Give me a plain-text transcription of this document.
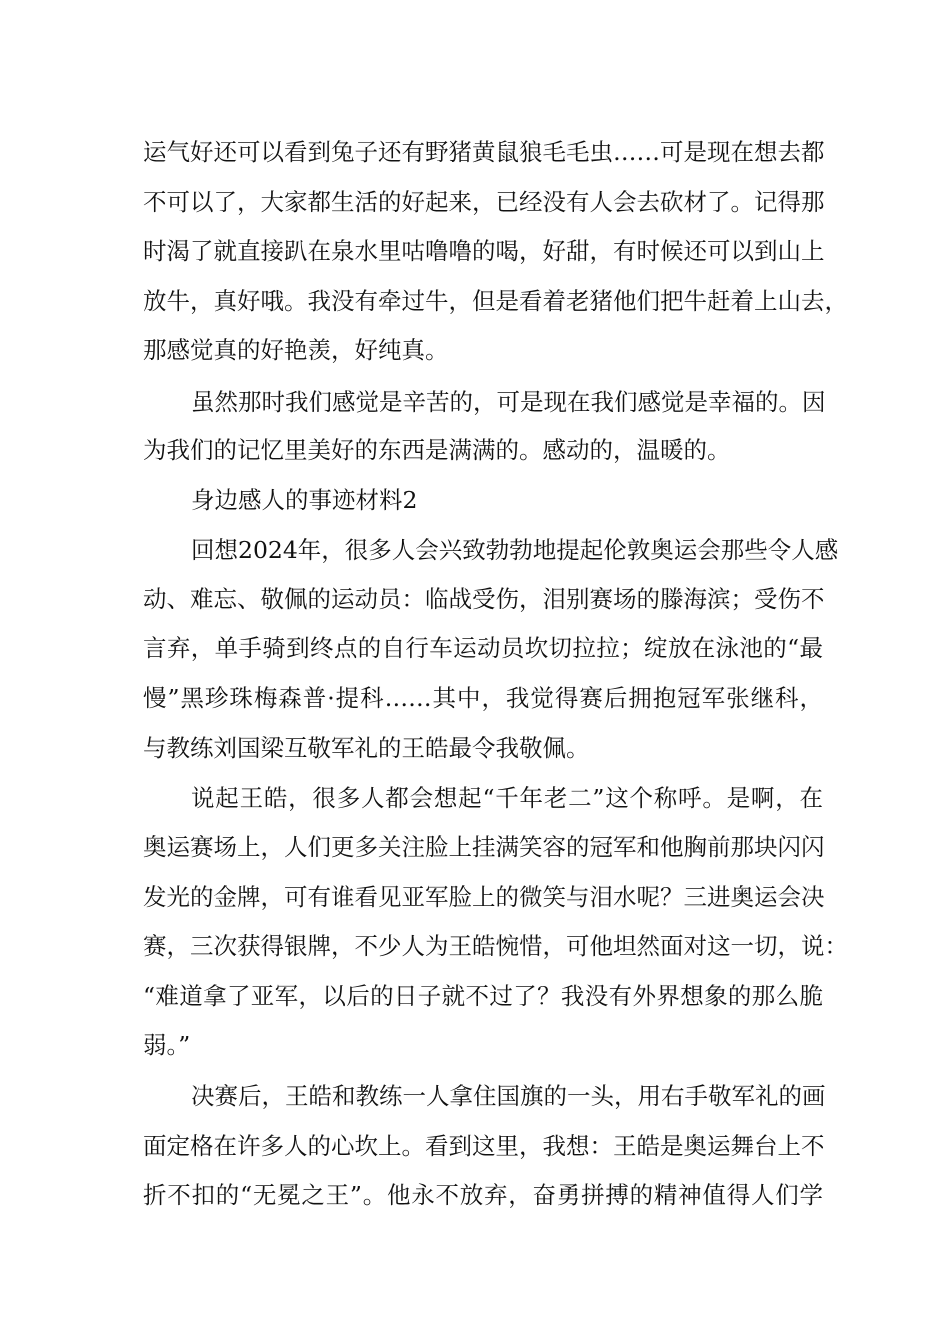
运气好还可以看到兔子还有野猪黄鼠狼毛毛虫……可是现在想去都
不可以了，大家都生活的好起来，已经没有人会去砍材了。记得那
时渴了就直接趴在泉水里咕噜噜的喝，好甜，有时候还可以到山上
放牛，真好哦。我没有牵过牛，但是看着老猪他们把牛赶着上山去，
那感觉真的好艳羡，好纯真。
虽然那时我们感觉是辛苦的，可是现在我们感觉是幸福的。因
为我们的记忆里美好的东西是满满的。感动的，温暖的。
身边感人的事迹材料2
回想2024年，很多人会兴致勃勃地提起伦敦奥运会那些令人感
动、难忘、敬佩的运动员：临战受伤，泪别赛场的滕海滨；受伤不
言弃，单手骑到终点的自行车运动员坎切拉拉；绽放在泳池的“最
慢”黑珍珠梅森普·提科……其中，我觉得赛后拥抱冠军张继科，
与教练刘国梁互敬军礼的王皓最令我敬佩。
说起王皓，很多人都会想起“千年老二”这个称呼。是啊，在
奥运赛场上，人们更多关注脸上挂满笑容的冠军和他胸前那块闪闪
发光的金牌，可有谁看见亚军脸上的微笑与泪水呢？三进奥运会决
赛，三次获得银牌，不少人为王皓惋惜，可他坦然面对这一切，说：
“难道拿了亚军，以后的日子就不过了？我没有外界想象的那么脆
弱。”
决赛后，王皓和教练一人拿住国旗的一头，用右手敬军礼的画
面定格在许多人的心坎上。看到这里，我想：王皓是奥运舞台上不
折不扣的“无冕之王”。他永不放弃，奋勇拼搏的精神值得人们学
